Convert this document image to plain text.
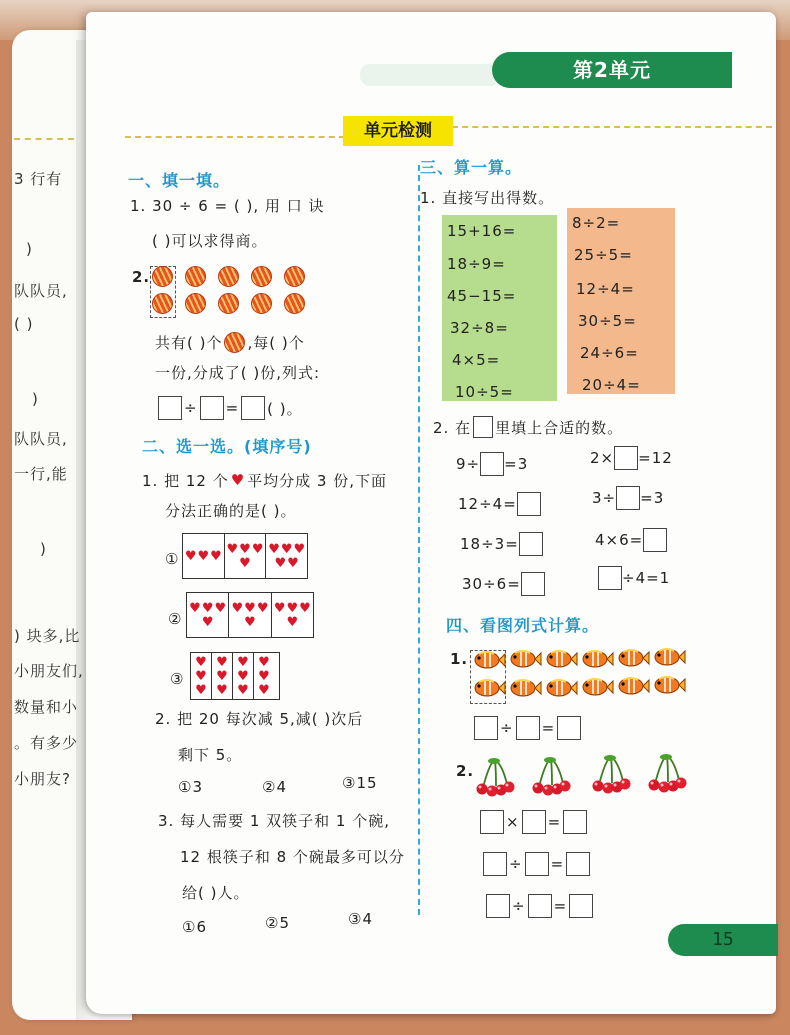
3 行有
)
队队员,
( )
)
队队员,
一行,能
)
) 块多,比
小朋友们,
数量和小
。有多少
小朋友?
第2单元
单元检测
一、填一填。
1. 30 ÷ 6 = ( ), 用 口 诀
( )可以求得商。
2.
共有( )个 ,每( )个
一份,分成了( )份,列式:
÷ = ( )。
二、选一选。(填序号)
1. 把 12 个 ♥ 平均分成 3 份,下面
分法正确的是( )。
① ♥ ♥ ♥ ♥ ♥ ♥
♥
♥ ♥ ♥
♥ ♥
②
♥ ♥ ♥
♥
♥ ♥ ♥
♥
♥ ♥ ♥
♥
③
♥
♥
♥
♥
♥
♥
♥
♥
♥
♥
♥
♥
2. 把 20 每次减 5,减( )次后
剩下 5。
①3	②4	③15
3. 每人需要 1 双筷子和 1 个碗,
12 根筷子和 8 个碗最多可以分
给( )人。
①6	②5	③4
三、算一算。
1. 直接写出得数。
15+16=
18÷9=
45−15=
32÷8=
4×5=
10÷5=
8÷2=
25÷5=
12÷4=
30÷5=
24÷6=
20÷4=
2. 在 里填上合适的数。
9÷ =3	2× =12
12÷4=	3÷ =3
18÷3=	4×6=
30÷6=	÷4=1
四、看图列式计算。
1.
÷ =
2.
× =
÷ =
÷ =
15
